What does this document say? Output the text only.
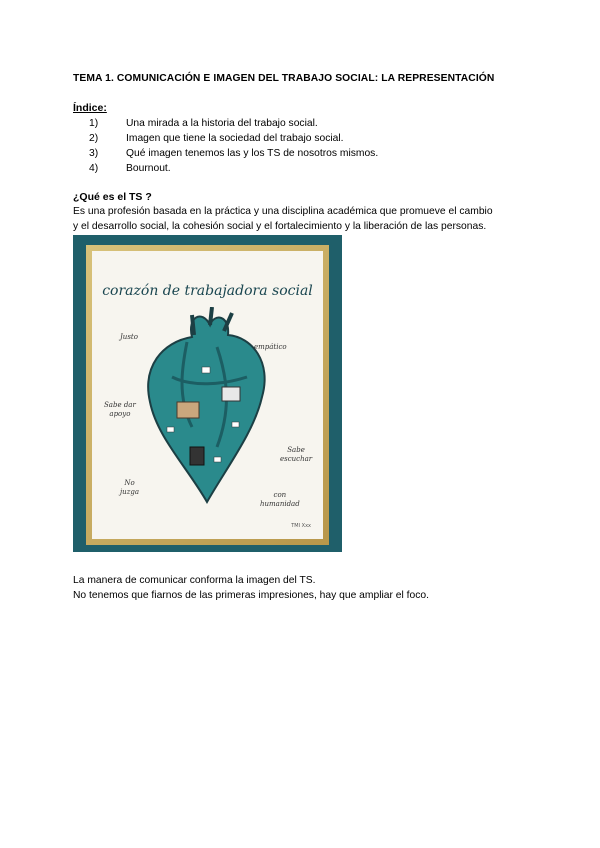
TEMA 1. COMUNICACIÓN E IMAGEN DEL TRABAJO SOCIAL: LA REPRESENTACIÓN
Índice:
1)	Una mirada a la historia del trabajo social.
2)	Imagen que tiene la sociedad del trabajo social.
3)	Qué imagen tenemos las y los TS de nosotros mismos.
4)	Bournout.
¿Qué es el TS ?
Es una profesión basada en la práctica y una disciplina académica que promueve el cambio
y el desarrollo social, la cohesión social y el fortalecimiento y la liberación de las personas.
corazón de trabajadora social
Justo
empático
Sabe dar
apoyo
Sabe
escuchar
No
juzga	con
humanidad
TMI Xxx
La manera de comunicar conforma la imagen del TS.
No tenemos que fiarnos de las primeras impresiones, hay que ampliar el foco.
